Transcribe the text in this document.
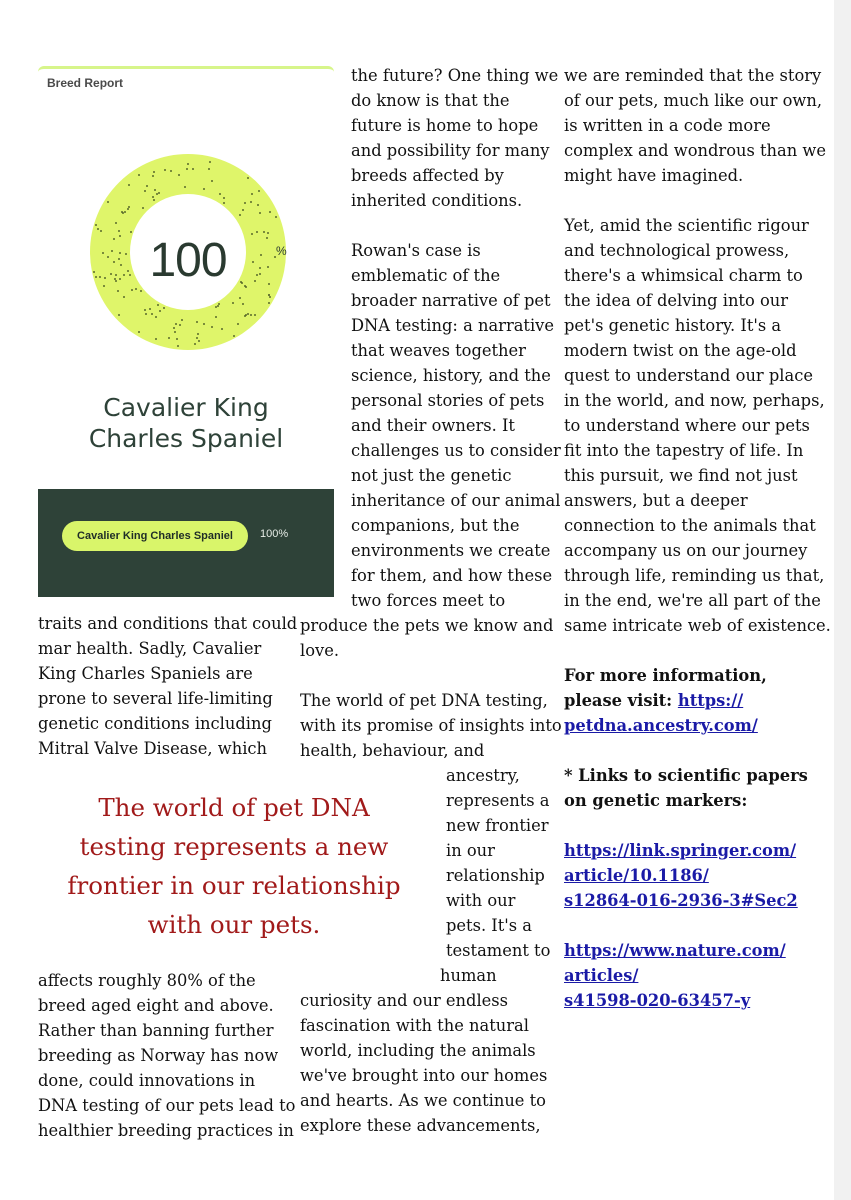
Breed Report
100	%
Cavalier King
Charles Spaniel
Cavalier King Charles Spaniel	100%
traits and conditions that could
mar health. Sadly, Cavalier
King Charles Spaniels are
prone to several life-limiting
genetic conditions including
Mitral Valve Disease, which
The world of pet DNA
testing represents a new
frontier in our relationship
with our pets.
affects roughly 80% of the
breed aged eight and above.
Rather than banning further
breeding as Norway has now
done, could innovations in
DNA testing of our pets lead to
healthier breeding practices in
the future? One thing we
do know is that the
future is home to hope
and possibility for many
breeds affected by
inherited conditions.
Rowan's case is
emblematic of the
broader narrative of pet
DNA testing: a narrative
that weaves together
science, history, and the
personal stories of pets
and their owners. It
challenges us to consider
not just the genetic
inheritance of our animal
companions, but the
environments we create
for them, and how these
two forces meet to
produce the pets we know and
love.
The world of pet DNA testing,
with its promise of insights into
health, behaviour, and
ancestry,
represents a
new frontier
in our
relationship
with our
pets. It's a
testament to
human
curiosity and our endless
fascination with the natural
world, including the animals
we've brought into our homes
and hearts. As we continue to
explore these advancements,
we are reminded that the story
of our pets, much like our own,
is written in a code more
complex and wondrous than we
might have imagined.
Yet, amid the scientific rigour
and technological prowess,
there's a whimsical charm to
the idea of delving into our
pet's genetic history. It's a
modern twist on the age-old
quest to understand our place
in the world, and now, perhaps,
to understand where our pets
fit into the tapestry of life. In
this pursuit, we find not just
answers, but a deeper
connection to the animals that
accompany us on our journey
through life, reminding us that,
in the end, we're all part of the
same intricate web of existence.
For more information,
please visit: https://
petdna.ancestry.com/
* Links to scientific papers
on genetic markers:
https://link.springer.com/
article/10.1186/
s12864-016-2936-3#Sec2
https://www.nature.com/
articles/
s41598-020-63457-y
